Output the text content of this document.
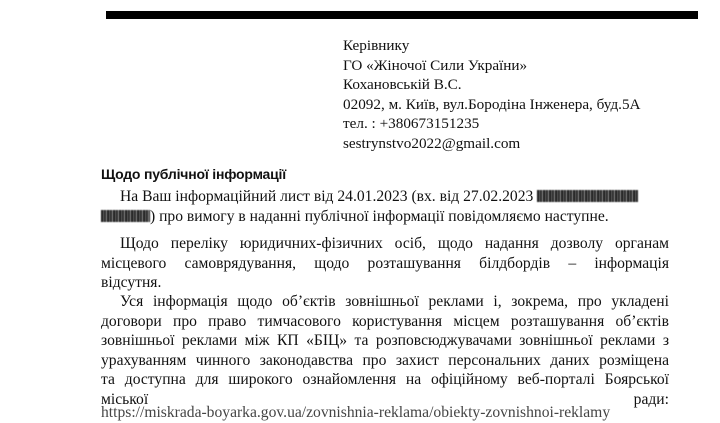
Керівнику
ГО «Жіночої Сили України»
Кохановській В.С.
02092, м. Київ, вул.Бородіна Інженера, буд.5А
тел. : +380673151235
sestrynstvo2022@gmail.com
Щодо публічної інформації
На Ваш інформаційний лист від 24.01.2023 (вх. від 27.02.2023
) про вимогу в наданні публічної інформації повідомляємо наступне.
Щодо переліку юридичних-фізичних осіб, щодо надання дозволу органам
місцевого самоврядування, щодо розташування білдбордів – інформація
відсутня.
Уся інформація щодо об’єктів зовнішньої реклами і, зокрема, про укладені
договори про право тимчасового користування місцем розташування об’єктів
зовнішньої реклами між КП «БІЦ» та розповсюджувачами зовнішньої реклами з
урахуванням чинного законодавства про захист персональних даних розміщена
та доступна для широкого ознайомлення на офіційному веб-порталі Боярської
міської	ради:
https://miskrada-boyarka.gov.ua/zovnishnia-reklama/obiekty-zovnishnoi-reklamy
